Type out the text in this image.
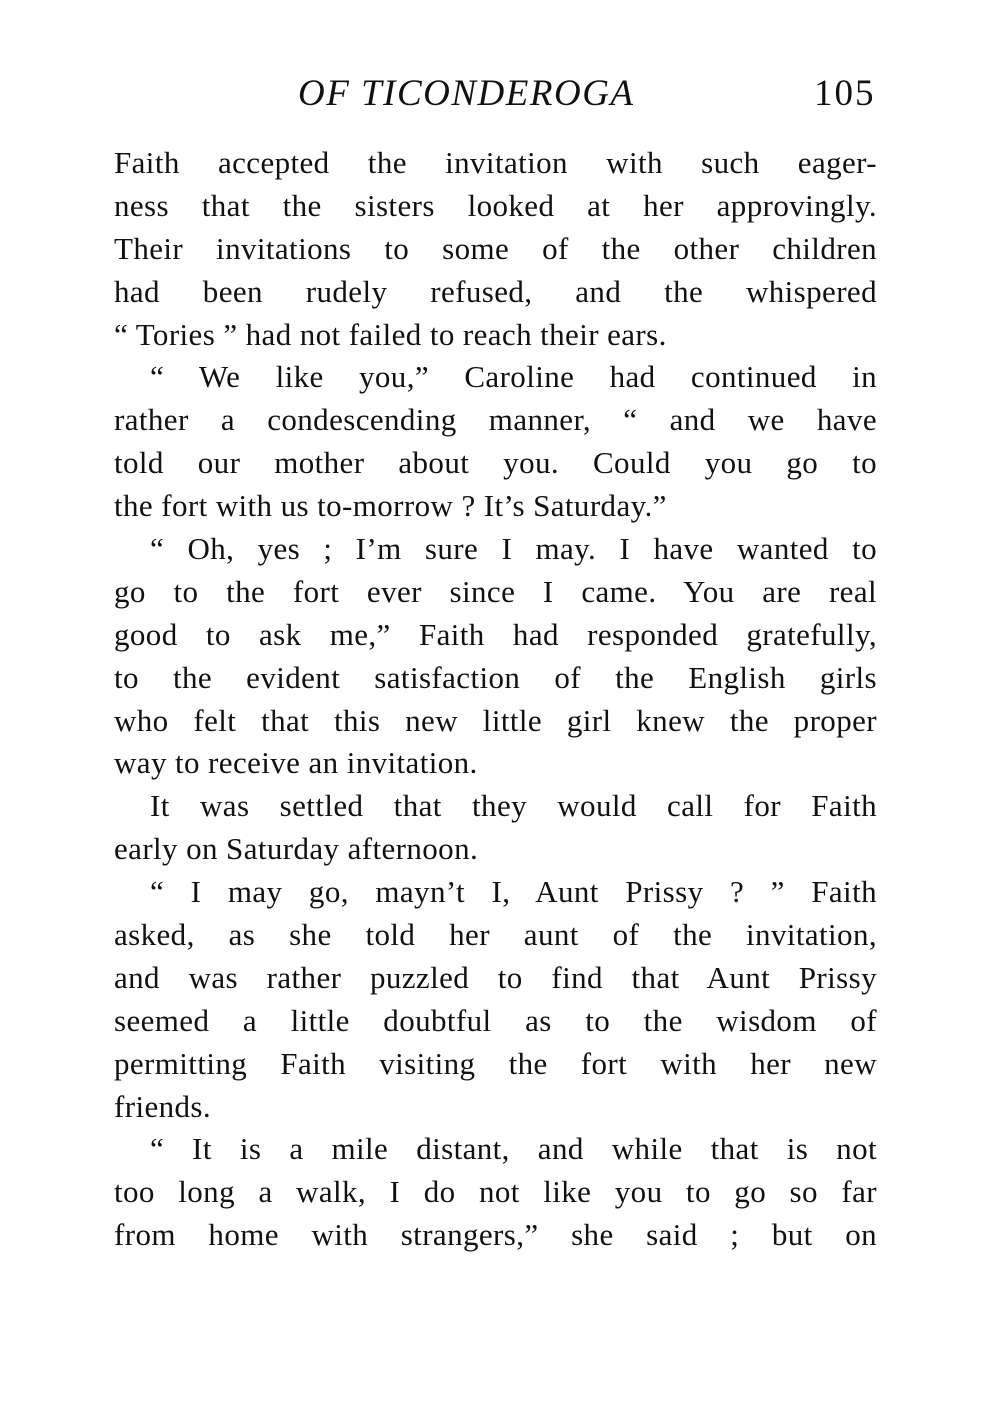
OF TICONDEROGA	105
Faith accepted the invitation with such eager-
ness that the sisters looked at her approvingly.
Their invitations to some of the other children
had been rudely refused, and the whispered
“ Tories ” had not failed to reach their ears.
“ We like you,” Caroline had continued in
rather a condescending manner, “ and we have
told our mother about you. Could you go to
the fort with us to-morrow ? It’s Saturday.”
“ Oh, yes ; I’m sure I may. I have wanted to
go to the fort ever since I came. You are real
good to ask me,” Faith had responded gratefully,
to the evident satisfaction of the English girls
who felt that this new little girl knew the proper
way to receive an invitation.
It was settled that they would call for Faith
early on Saturday afternoon.
“ I may go, mayn’t I, Aunt Prissy ? ” Faith
asked, as she told her aunt of the invitation,
and was rather puzzled to find that Aunt Prissy
seemed a little doubtful as to the wisdom of
permitting Faith visiting the fort with her new
friends.
“ It is a mile distant, and while that is not
too long a walk, I do not like you to go so far
from home with strangers,” she said ; but on
